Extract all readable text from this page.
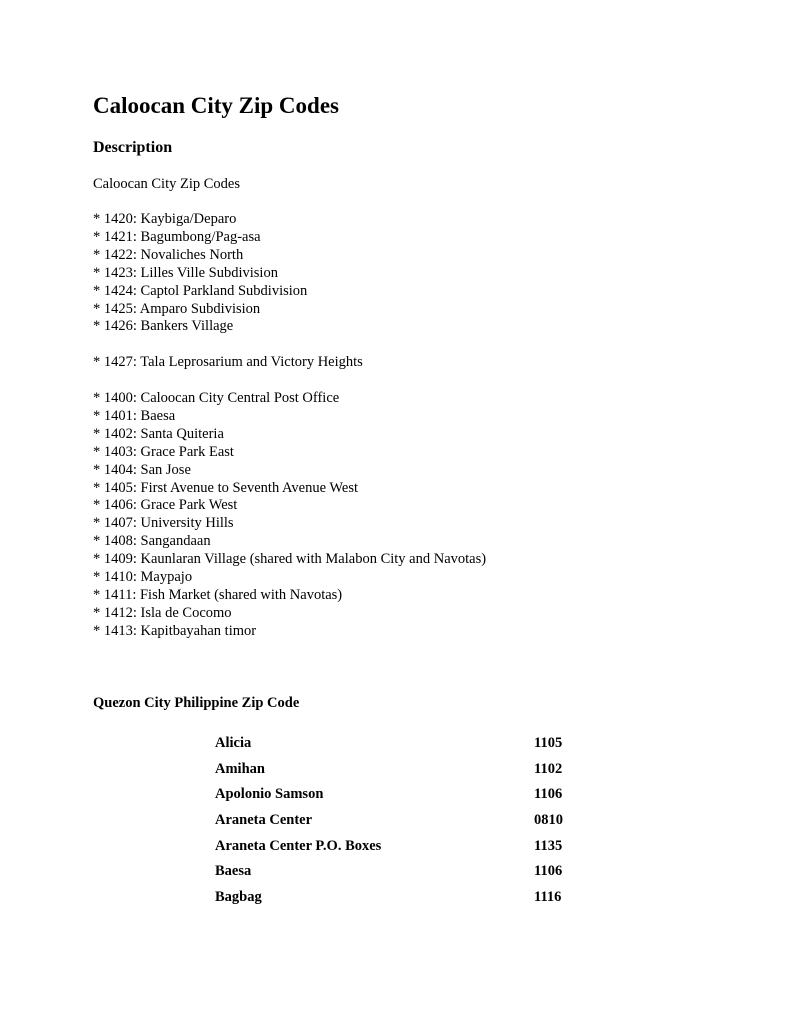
Caloocan City Zip Codes
Description

Caloocan City Zip Codes

* 1420: Kaybiga/Deparo
* 1421: Bagumbong/Pag-asa
* 1422: Novaliches North
* 1423: Lilles Ville Subdivision
* 1424: Captol Parkland Subdivision
* 1425: Amparo Subdivision
* 1426: Bankers Village
* 1427: Tala Leprosarium and Victory Heights
* 1400: Caloocan City Central Post Office
* 1401: Baesa
* 1402: Santa Quiteria
* 1403: Grace Park East
* 1404: San Jose
* 1405: First Avenue to Seventh Avenue West
* 1406: Grace Park West
* 1407: University Hills
* 1408: Sangandaan
* 1409: Kaunlaran Village (shared with Malabon City and Navotas)
* 1410: Maypajo
* 1411: Fish Market (shared with Navotas)
* 1412: Isla de Cocomo
* 1413: Kapitbayahan timor
Quezon City Philippine Zip Code
Alicia	1105
Amihan	1102
Apolonio Samson	1106
Araneta Center	0810
Araneta Center P.O. Boxes	1135
Baesa	1106
Bagbag	1116
